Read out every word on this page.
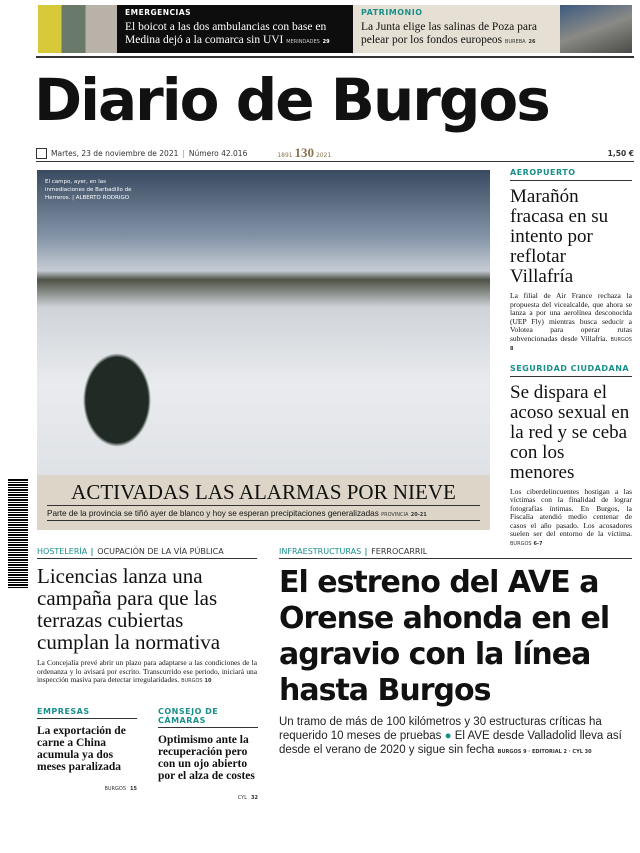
EMERGENCIAS
El boicot a las dos ambulancias con base en Medina dejó a la comarca sin UVI MERINDADES 29
PATRIMONIO
La Junta elige las salinas de Poza para pelear por los fondos europeos BUREBA 26
Diario de Burgos
Martes, 23 de noviembre de 2021 | Número 42.016	1891 130 2021	1,50 €
El campo, ayer, en las inmediaciones de Barbadillo de Herreros. | ALBERTO RODRIGO
ACTIVADAS LAS ALARMAS POR NIEVE
Parte de la provincia se tiñó ayer de blanco y hoy se esperan precipitaciones generalizadas PROVINCIA 20-21
AEROPUERTO
Marañón fracasa en su intento por reflotar Villafría
La filial de Air France rechaza la propuesta del vicealcalde, que ahora se lanza a por una aerolínea desconocida (UEP Fly) mientras busca seducir a Volotea para operar rutas subvencionadas desde Villafría. BURGOS 8
SEGURIDAD CIUDADANA
Se dispara el acoso sexual en la red y se ceba con los menores
Los ciberdelincuentes hostigan a las víctimas con la finalidad de lograr fotografías íntimas. En Burgos, la Fiscalía atendió medio centenar de casos el año pasado. Los acosadores suelen ser del entorno de la víctima. BURGOS 6-7
HOSTELERÍA | OCUPACIÓN DE LA VÍA PÚBLICA
Licencias lanza una campaña para que las terrazas cubiertas cumplan la normativa
La Concejalía prevé abrir un plazo para adaptarse a las condiciones de la ordenanza y lo avisará por escrito. Transcurrido ese periodo, iniciará una inspección masiva para detectar irregularidades. BURGOS 10
EMPRESAS
La exportación de carne a China acumula ya dos meses paralizada
BURGOS 15
CONSEJO DE CÁMARAS
Optimismo ante la recuperación pero con un ojo abierto por el alza de costes
CYL 32
INFRAESTRUCTURAS | FERROCARRIL
El estreno del AVE a Orense ahonda en el agravio con la línea hasta Burgos
Un tramo de más de 100 kilómetros y 30 estructuras críticas ha requerido 10 meses de pruebas ● El AVE desde Valladolid lleva así desde el verano de 2020 y sigue sin fecha BURGOS 9 · EDITORIAL 2 · CYL 30
